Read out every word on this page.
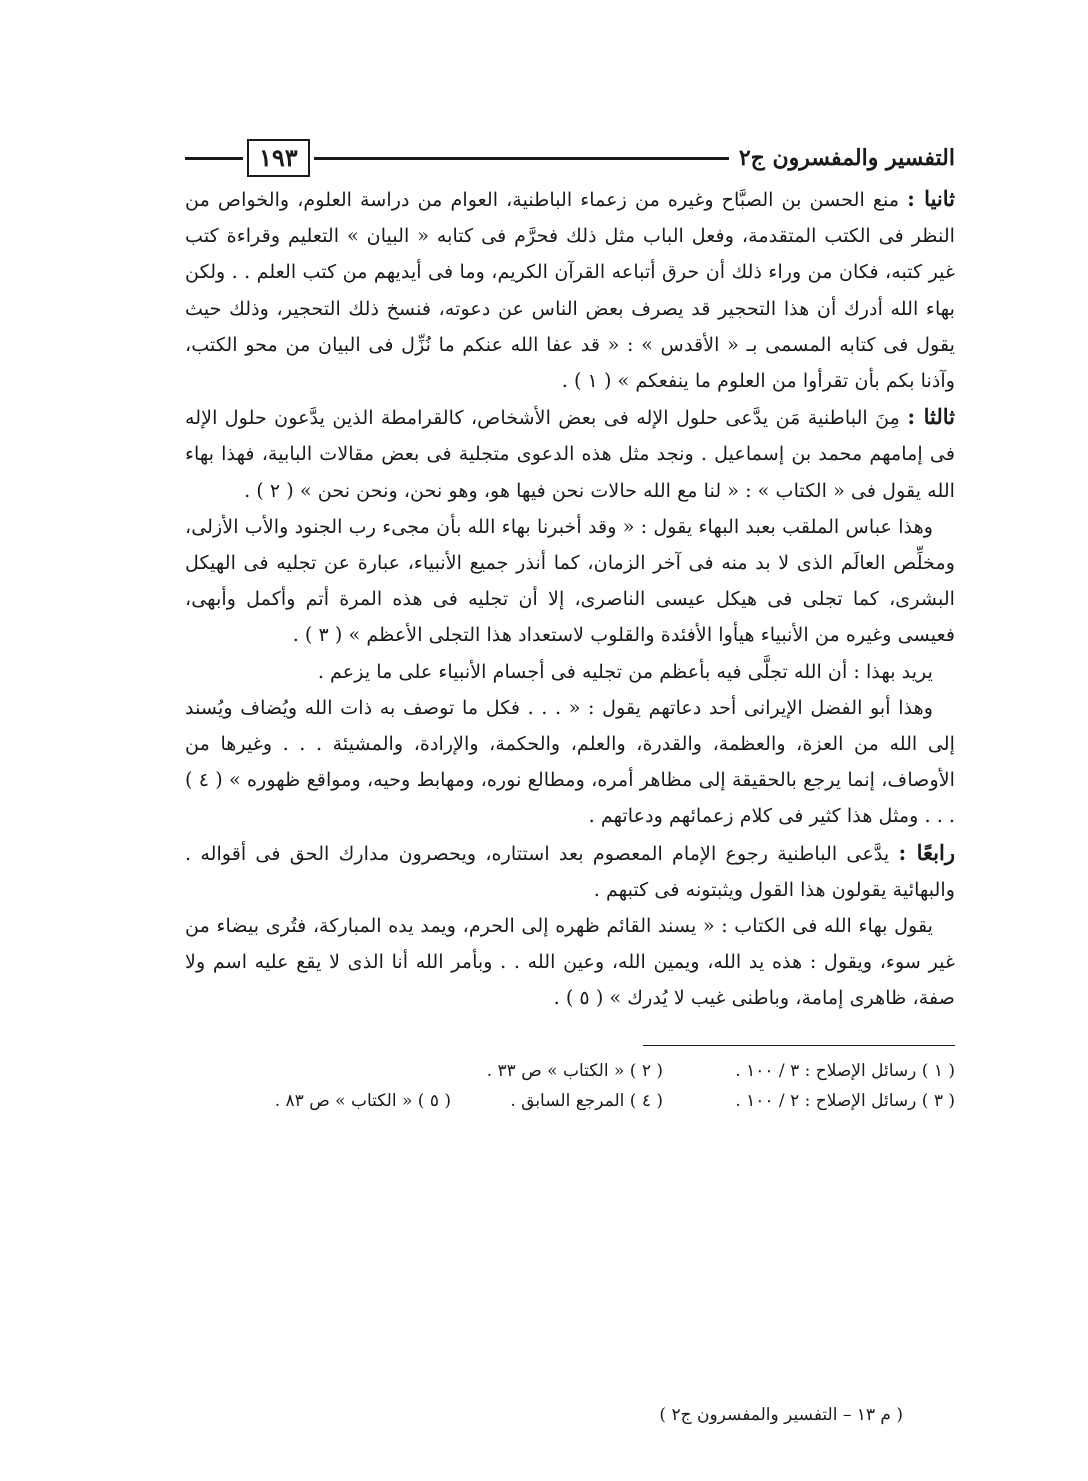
التفسير والمفسرون ج٢
١٩٣

ثانيا : منع الحسن بن الصبَّاح وغيره من زعماء الباطنية، العوام من دراسة العلوم، والخواص من النظر فى الكتب المتقدمة، وفعل الباب مثل ذلك فحرَّم فى كتابه « البيان » التعليم وقراءة كتب غير كتبه، فكان من وراء ذلك أن حرق أتباعه القرآن الكريم، وما فى أيديهم من كتب العلم . . ولكن بهاء الله أدرك أن هذا التحجير قد يصرف بعض الناس عن دعوته، فنسخ ذلك التحجير، وذلك حيث يقول فى كتابه المسمى بـ « الأقدس » : « قد عفا الله عنكم ما نُزِّل فى البيان من محو الكتب، وآذنا بكم بأن تقرأوا من العلوم ما ينفعكم » ( ١ ) .

ثالثا : مِنَ الباطنية مَن يدَّعى حلول الإله فى بعض الأشخاص، كالقرامطة الذين يدَّعون حلول الإله فى إمامهم محمد بن إسماعيل . ونجد مثل هذه الدعوى متجلية فى بعض مقالات البابية، فهذا بهاء الله يقول فى « الكتاب » : « لنا مع الله حالات نحن فيها هو، وهو نحن، ونحن نحن » ( ٢ ) .

وهذا عباس الملقب بعبد البهاء يقول : « وقد أخبرنا بهاء الله بأن مجىء رب الجنود والأب الأزلى، ومخلِّص العالَم الذى لا بد منه فى آخر الزمان، كما أنذر جميع الأنبياء، عبارة عن تجليه فى الهيكل البشرى، كما تجلى فى هيكل عيسى الناصرى، إلا أن تجليه فى هذه المرة أتم وأكمل وأبهى، فعيسى وغيره من الأنبياء هيأوا الأفئدة والقلوب لاستعداد هذا التجلى الأعظم » ( ٣ ) .

يريد بهذا : أن الله تجلَّى فيه بأعظم من تجليه فى أجسام الأنبياء على ما يزعم .

وهذا أبو الفضل الإيرانى أحد دعاتهم يقول : « . . . فكل ما توصف به ذات الله ويُضاف ويُسند إلى الله من العزة، والعظمة، والقدرة، والعلم، والحكمة، والإرادة، والمشيئة . . . وغيرها من الأوصاف، إنما يرجع بالحقيقة إلى مظاهر أمره، ومطالع نوره، ومهابط وحيه، ومواقع ظهوره » ( ٤ ) . . . ومثل هذا كثير فى كلام زعمائهم ودعاتهم .

رابعًا : يدَّعى الباطنية رجوع الإمام المعصوم بعد استتاره، ويحصرون مدارك الحق فى أقواله . والبهائية يقولون هذا القول ويثبتونه فى كتبهم .

يقول بهاء الله فى الكتاب : « يسند القائم ظهره إلى الحرم، ويمد يده المباركة، فتُرى بيضاء من غير سوء، ويقول : هذه يد الله، ويمين الله، وعين الله . . وبأمر الله أنا الذى لا يقع عليه اسم ولا صفة، ظاهرى إمامة، وباطنى غيب لا يُدرك » ( ٥ ) .

( ١ ) رسائل الإصلاح : ٣ / ١٠٠ .
( ٢ ) « الكتاب » ص ٣٣ .
( ٣ ) رسائل الإصلاح : ٢ / ١٠٠ .
( ٤ ) المرجع السابق .
( ٥ ) « الكتاب » ص ٨٣ .
( م ١٣ – التفسير والمفسرون ج٢ )
